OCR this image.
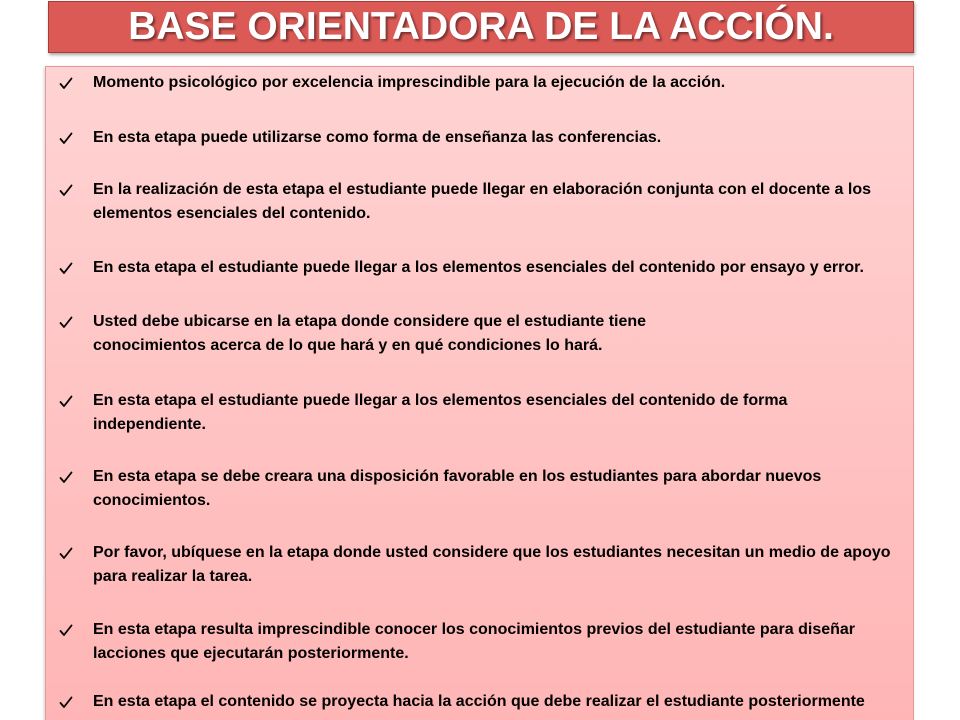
BASE ORIENTADORA DE LA ACCIÓN.
Momento psicológico por excelencia imprescindible para la ejecución de la acción.
En esta etapa puede utilizarse como forma de enseñanza las conferencias.
En la realización de esta etapa el estudiante puede llegar en elaboración conjunta con el docente a los
elementos esenciales del contenido.
En esta etapa el estudiante puede llegar a los elementos esenciales del contenido por ensayo y error.
Usted debe ubicarse en la etapa donde considere que el estudiante tiene
conocimientos acerca de lo que hará y en qué condiciones lo hará.
En esta etapa el estudiante puede llegar a los elementos esenciales del contenido de forma
independiente.
En esta etapa se debe creara una disposición favorable en los estudiantes para abordar nuevos
conocimientos.
Por favor, ubíquese en la etapa donde usted considere que los estudiantes necesitan un medio de apoyo
para realizar la tarea.
En esta etapa resulta imprescindible conocer los conocimientos previos del estudiante para diseñar
lacciones que ejecutarán posteriormente.
En esta etapa el contenido se proyecta hacia la acción que debe realizar el estudiante posteriormente
